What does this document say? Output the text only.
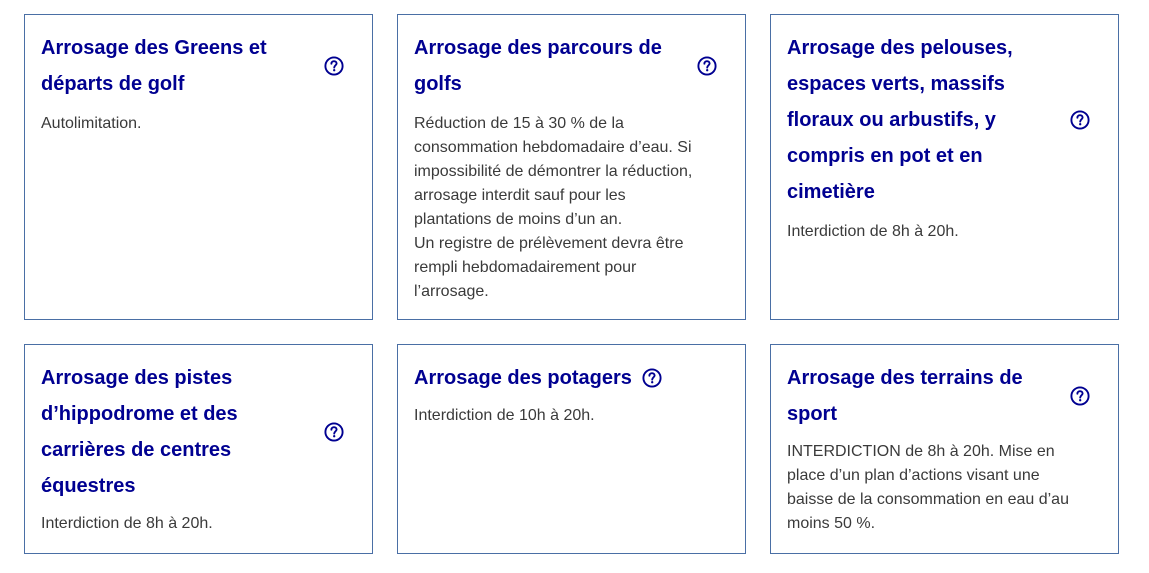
Arrosage des Greens et
départs de golf

Autolimitation.

Arrosage des parcours de
golfs

Réduction de 15 à 30 % de la
consommation hebdomadaire d’eau. Si
impossibilité de démontrer la réduction,
arrosage interdit sauf pour les
plantations de moins d’un an.
Un registre de prélèvement devra être
rempli hebdomadairement pour
l’arrosage.

Arrosage des pelouses,
espaces verts, massifs
floraux ou arbustifs, y
compris en pot et en
cimetière

Interdiction de 8h à 20h.

Arrosage des pistes
d’hippodrome et des
carrières de centres
équestres

Interdiction de 8h à 20h.

Arrosage des potagers

Interdiction de 10h à 20h.

Arrosage des terrains de
sport

INTERDICTION de 8h à 20h. Mise en
place d’un plan d’actions visant une
baisse de la consommation en eau d’au
moins 50 %.
